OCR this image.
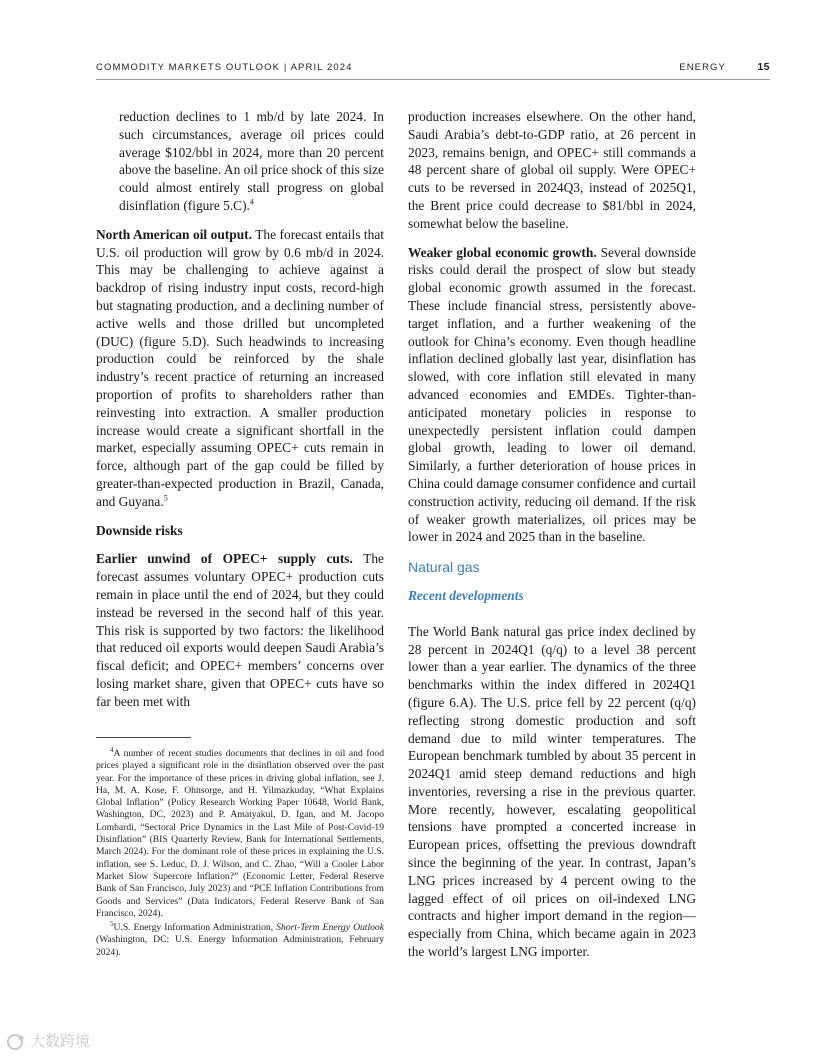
COMMODITY MARKETS OUTLOOK | APRIL 2024	ENERGY	15

reduction declines to 1 mb/d by late 2024. In such circumstances, average oil prices could average $102/bbl in 2024, more than 20 percent above the baseline. An oil price shock of this size could almost entirely stall progress on global disinflation (figure 5.C).$^4$

North American oil output. The forecast entails that U.S. oil production will grow by 0.6 mb/d in 2024. This may be challenging to achieve against a backdrop of rising industry input costs, record-high but stagnating production, and a declining number of active wells and those drilled but uncompleted (DUC) (figure 5.D). Such headwinds to increasing production could be reinforced by the shale industry’s recent practice of returning an increased proportion of profits to shareholders rather than reinvesting into extraction. A smaller production increase would create a significant shortfall in the market, especially assuming OPEC+ cuts remain in force, although part of the gap could be filled by greater-than-expected production in Brazil, Canada, and Guyana.$^5$

Downside risks

Earlier unwind of OPEC+ supply cuts. The forecast assumes voluntary OPEC+ production cuts remain in place until the end of 2024, but they could instead be reversed in the second half of this year. This risk is supported by two factors: the likelihood that reduced oil exports would deepen Saudi Arabia’s fiscal deficit; and OPEC+ members’ concerns over losing market share, given that OPEC+ cuts have so far been met with

$^4$A number of recent studies documents that declines in oil and food prices played a significant role in the disinflation observed over the past year. For the importance of these prices in driving global inflation, see J. Ha, M. A. Kose, F. Ohnsorge, and H. Yilmazkuday, “What Explains Global Inflation” (Policy Research Working Paper 10648, World Bank, Washington, DC, 2023) and P. Amatyakul, D. Igan, and M. Jacopo Lombardi, “Sectoral Price Dynamics in the Last Mile of Post-Covid-19 Disinflation” (BIS Quarterly Review, Bank for International Settlements, March 2024). For the dominant role of these prices in explaining the U.S. inflation, see S. Leduc, D. J. Wilson, and C. Zhao, “Will a Cooler Labor Market Slow Supercore Inflation?” (Economic Letter, Federal Reserve Bank of San Francisco, July 2023) and “PCE Inflation Contributions from Goods and Services” (Data Indicators, Federal Reserve Bank of San Francisco, 2024).

$^5$U.S. Energy Information Administration, Short-Term Energy Outlook (Washington, DC: U.S. Energy Information Administration, February 2024).

production increases elsewhere. On the other hand, Saudi Arabia’s debt-to-GDP ratio, at 26 percent in 2023, remains benign, and OPEC+ still commands a 48 percent share of global oil supply. Were OPEC+ cuts to be reversed in 2024Q3, instead of 2025Q1, the Brent price could decrease to $81/bbl in 2024, somewhat below the baseline.

Weaker global economic growth. Several downside risks could derail the prospect of slow but steady global economic growth assumed in the forecast. These include financial stress, persistently above-target inflation, and a further weakening of the outlook for China’s economy. Even though headline inflation declined globally last year, disinflation has slowed, with core inflation still elevated in many advanced economies and EMDEs. Tighter-than-anticipated monetary policies in response to unexpectedly persistent inflation could dampen global growth, leading to lower oil demand. Similarly, a further deterioration of house prices in China could damage consumer confidence and curtail construction activity, reducing oil demand. If the risk of weaker growth materializes, oil prices may be lower in 2024 and 2025 than in the baseline.

Natural gas
Recent developments

The World Bank natural gas price index declined by 28 percent in 2024Q1 (q/q) to a level 38 percent lower than a year earlier. The dynamics of the three benchmarks within the index differed in 2024Q1 (figure 6.A). The U.S. price fell by 22 percent (q/q) reflecting strong domestic production and soft demand due to mild winter temperatures. The European benchmark tumbled by about 35 percent in 2024Q1 amid steep demand reductions and high inventories, reversing a rise in the previous quarter. More recently, however, escalating geopolitical tensions have prompted a concerted increase in European prices, offsetting the previous downdraft since the beginning of the year. In contrast, Japan’s LNG prices increased by 4 percent owing to the lagged effect of oil prices on oil-indexed LNG contracts and higher import demand in the region—especially from China, which became again in 2023 the world’s largest LNG importer.

大数跨境
